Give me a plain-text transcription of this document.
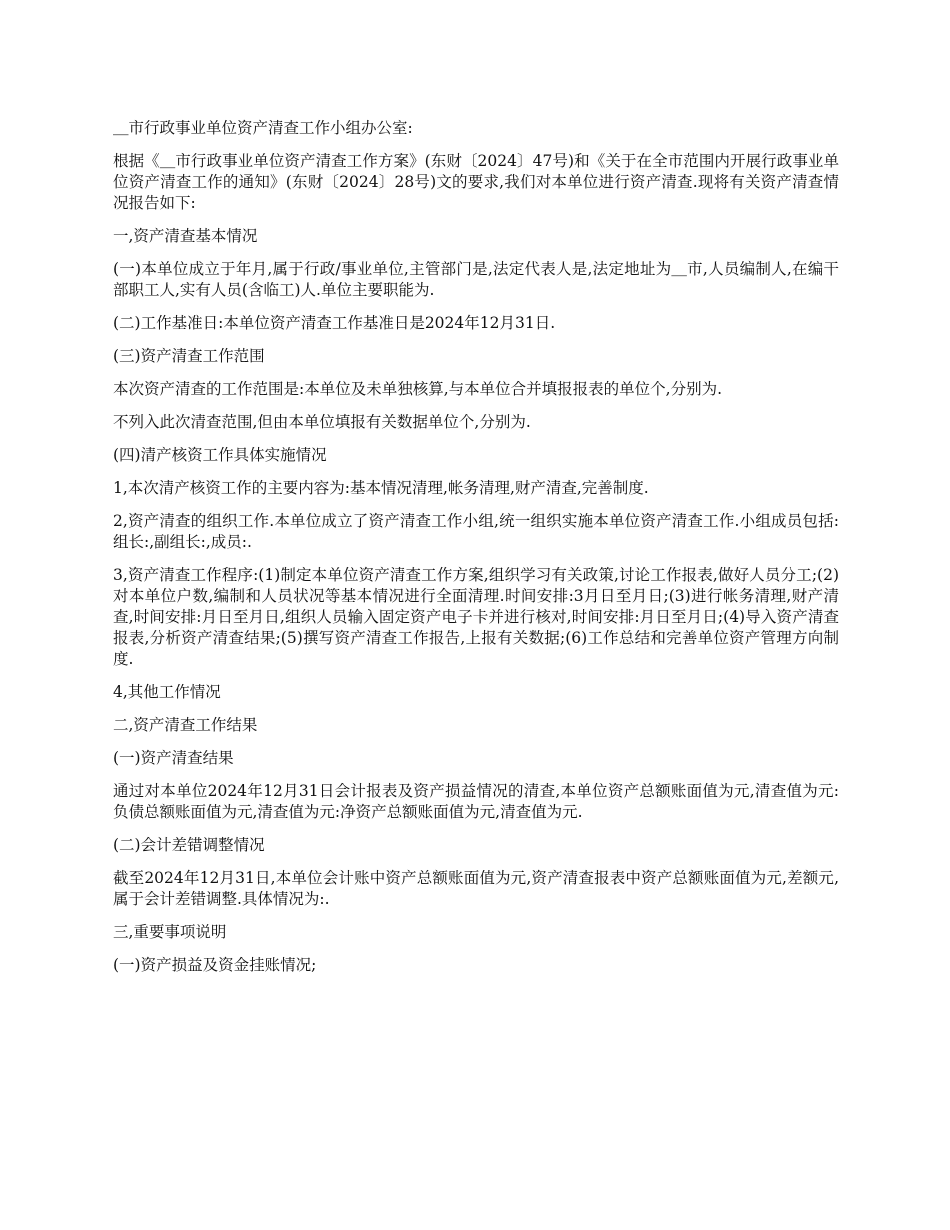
＿市行政事业单位资产清查工作小组办公室:

根据《＿市行政事业单位资产清查工作方案》(东财〔2024〕47号)和《关于在全市范围内开展行政事业单位资产清查工作的通知》(东财〔2024〕28号)文的要求,我们对本单位进行资产清查.现将有关资产清查情况报告如下:

一,资产清查基本情况

(一)本单位成立于年月,属于行政/事业单位,主管部门是,法定代表人是,法定地址为＿市,人员编制人,在编干部职工人,实有人员(含临工)人.单位主要职能为.

(二)工作基准日:本单位资产清查工作基准日是2024年12月31日.

(三)资产清查工作范围

本次资产清查的工作范围是:本单位及未单独核算,与本单位合并填报报表的单位个,分别为.

不列入此次清查范围,但由本单位填报有关数据单位个,分别为.

(四)清产核资工作具体实施情况

1,本次清产核资工作的主要内容为:基本情况清理,帐务清理,财产清查,完善制度.

2,资产清查的组织工作.本单位成立了资产清查工作小组,统一组织实施本单位资产清查工作.小组成员包括:组长:,副组长:,成员:.

3,资产清查工作程序:(1)制定本单位资产清查工作方案,组织学习有关政策,讨论工作报表,做好人员分工;(2)对本单位户数,编制和人员状况等基本情况进行全面清理.时间安排:3月日至月日;(3)进行帐务清理,财产清查,时间安排:月日至月日,组织人员输入固定资产电子卡并进行核对,时间安排:月日至月日;(4)导入资产清查报表,分析资产清查结果;(5)撰写资产清查工作报告,上报有关数据;(6)工作总结和完善单位资产管理方向制度.

4,其他工作情况

二,资产清查工作结果

(一)资产清查结果

通过对本单位2024年12月31日会计报表及资产损益情况的清查,本单位资产总额账面值为元,清查值为元:负债总额账面值为元,清查值为元:净资产总额账面值为元,清查值为元.

(二)会计差错调整情况

截至2024年12月31日,本单位会计账中资产总额账面值为元,资产清查报表中资产总额账面值为元,差额元,属于会计差错调整.具体情况为:.

三,重要事项说明

(一)资产损益及资金挂账情况;
